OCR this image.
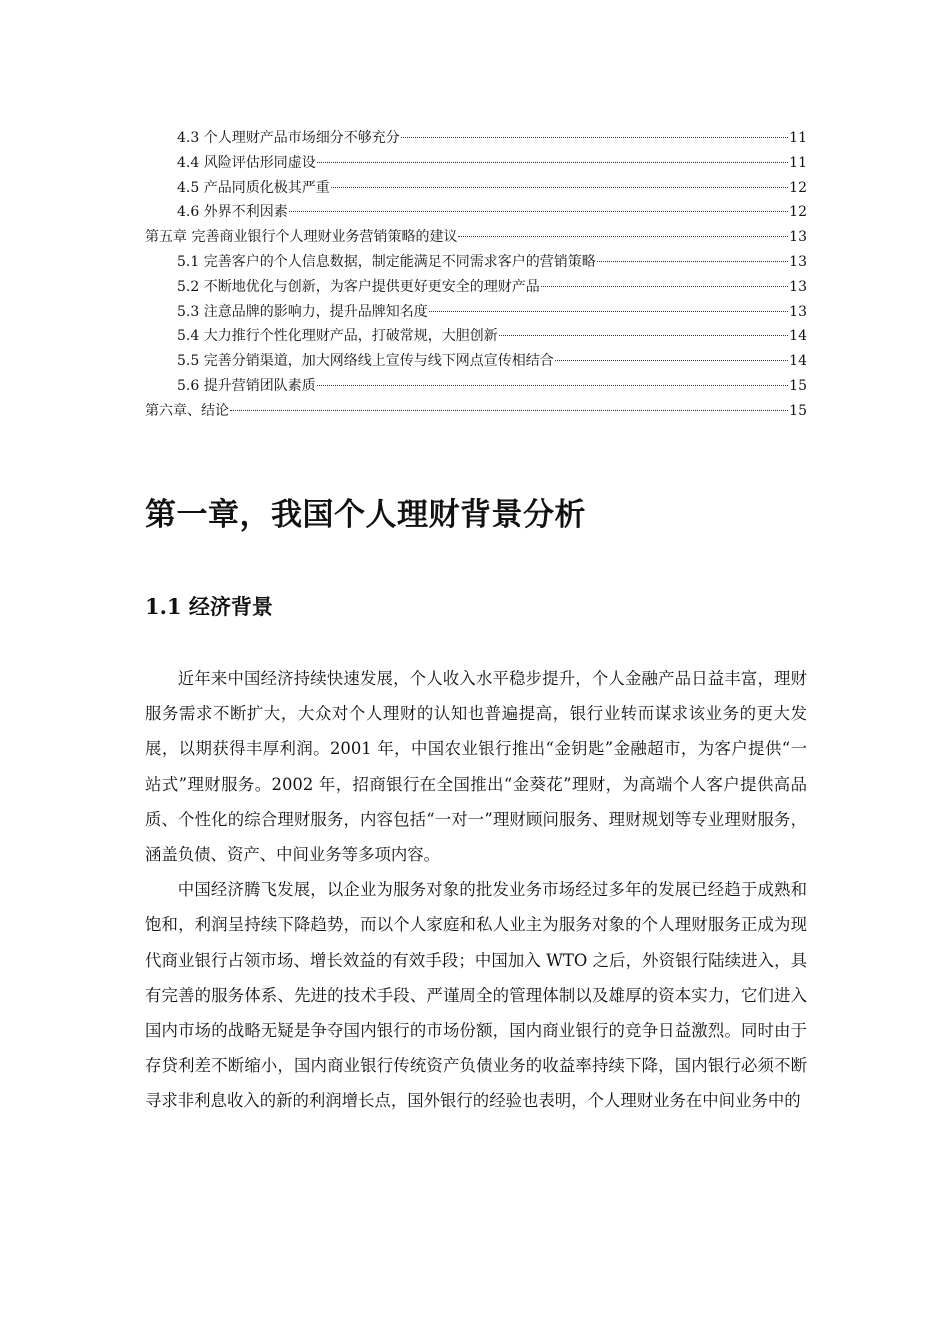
4.3 个人理财产品市场细分不够充分	11
4.4 风险评估形同虚设	11
4.5 产品同质化极其严重	12
4.6 外界不利因素	12
第五章 完善商业银行个人理财业务营销策略的建议	13
5.1 完善客户的个人信息数据，制定能满足不同需求客户的营销策略	13
5.2 不断地优化与创新，为客户提供更好更安全的理财产品	13
5.3 注意品牌的影响力，提升品牌知名度	13
5.4 大力推行个性化理财产品，打破常规，大胆创新	14
5.5 完善分销渠道，加大网络线上宣传与线下网点宣传相结合	14
5.6 提升营销团队素质	15
第六章、结论	15
第一章，我国个人理财背景分析
1.1 经济背景

近年来中国经济持续快速发展，个人收入水平稳步提升，个人金融产品日益丰富，理财服务需求不断扩大，大众对个人理财的认知也普遍提高，银行业转而谋求该业务的更大发展，以期获得丰厚利润。2001 年，中国农业银行推出“金钥匙”金融超市，为客户提供“一站式”理财服务。2002 年，招商银行在全国推出“金葵花”理财，为高端个人客户提供高品质、个性化的综合理财服务，内容包括“一对一”理财顾问服务、理财规划等专业理财服务，涵盖负债、资产、中间业务等多项内容。

中国经济腾飞发展，以企业为服务对象的批发业务市场经过多年的发展已经趋于成熟和饱和，利润呈持续下降趋势，而以个人家庭和私人业主为服务对象的个人理财服务正成为现代商业银行占领市场、增长效益的有效手段；中国加入 WTO 之后，外资银行陆续进入，具有完善的服务体系、先进的技术手段、严谨周全的管理体制以及雄厚的资本实力，它们进入国内市场的战略无疑是争夺国内银行的市场份额，国内商业银行的竞争日益激烈。同时由于存贷利差不断缩小，国内商业银行传统资产负债业务的收益率持续下降，国内银行必须不断寻求非利息收入的新的利润增长点，国外银行的经验也表明，个人理财业务在中间业务中的
